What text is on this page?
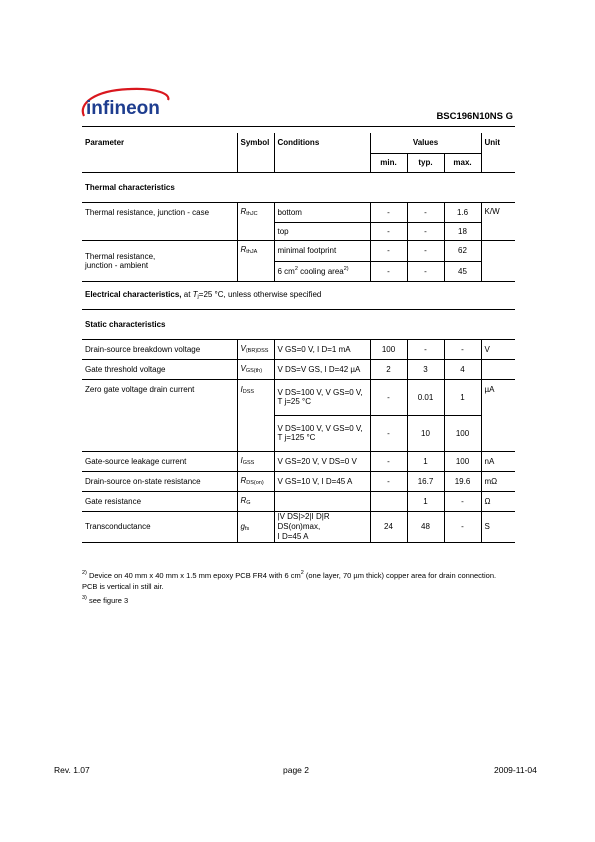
infineon	BSC196N10NS G
Parameter	Symbol	Conditions	Values			Unit
			min.	typ.	max.	
Thermal characteristics						
Thermal resistance, junction - case	RthJC	bottom	-	-	1.6	K/W
		top	-	-	18	
Thermal resistance,
junction - ambient	RthJA	minimal footprint	-	-	62	
		6 $cm^2$ cooling area$^{2)}$	-	-	45	
Electrical characteristics, at Tj=25 °C, unless otherwise specified						
Static characteristics						
Drain-source breakdown voltage	V(BR)DSS	V GS=0 V, I D=1 mA	100	-	-	V
Gate threshold voltage	VGS(th)	V DS=V GS, I D=42 µA	2	3	4	
Zero gate voltage drain current	IDSS	V DS=100 V, V GS=0 V, T j=25 °C	-	0.01	1	µA
		V DS=100 V, V GS=0 V, T j=125 °C	-	10	100	
Gate-source leakage current	IGSS	V GS=20 V, V DS=0 V	-	1	100	nA
Drain-source on-state resistance	RDS(on)	V GS=10 V, I D=45 A	-	16.7	19.6	mΩ
Gate resistance	RG			1	-	Ω
Transconductance	gfs	|V DS|>2|I D|R DS(on)max,
I D=45 A	24	48	-	S
$^{2)}$ Device on 40 mm x 40 mm x 1.5 mm epoxy PCB FR4 with 6 $cm^2$ (one layer, 70 µm thick) copper area for drain connection. PCB is vertical in still air.
$^{3)}$ see figure 3
Rev. 1.07	page 2	2009-11-04
